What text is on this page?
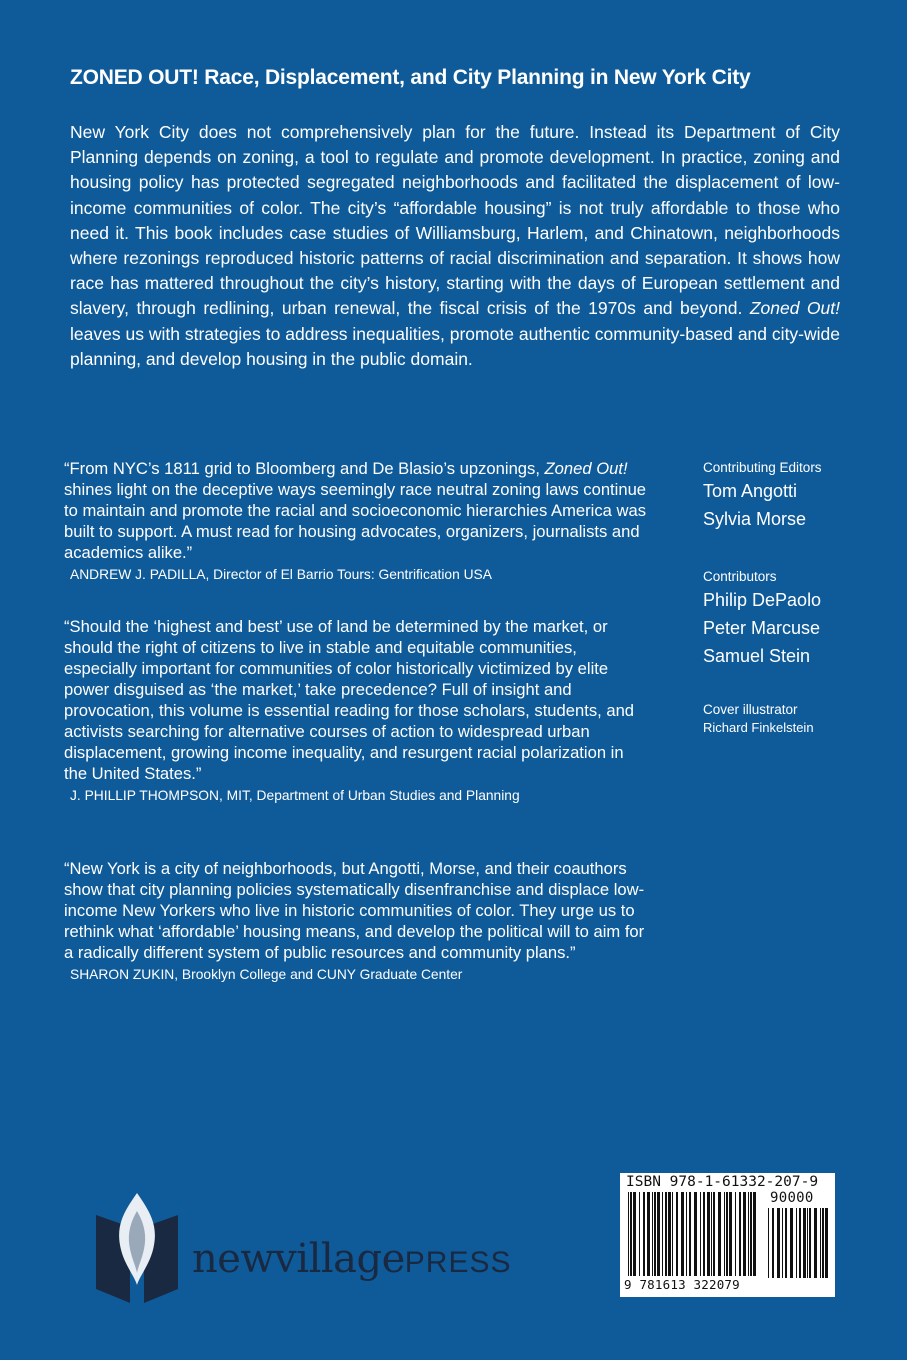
ZONED OUT! Race, Displacement, and City Planning in New York City
New York City does not comprehensively plan for the future. Instead its Department of City Planning depends on zoning, a tool to regulate and promote development. In practice, zoning and housing policy has protected segregated neighborhoods and facilitated the displacement of low-income communities of color. The city’s “affordable housing” is not truly affordable to those who need it. This book includes case studies of Williamsburg, Harlem, and Chinatown, neighborhoods where rezonings reproduced historic patterns of racial discrimination and separation. It shows how race has mattered throughout the city’s history, starting with the days of European settlement and slavery, through redlining, urban renewal, the fiscal crisis of the 1970s and beyond. Zoned Out! leaves us with strategies to address inequalities, promote authentic community-based and city-wide planning, and develop housing in the public domain.
“From NYC’s 1811 grid to Bloomberg and De Blasio’s upzonings, Zoned Out! shines light on the deceptive ways seemingly race neutral zoning laws continue to maintain and promote the racial and socioeconomic hierarchies America was built to support. A must read for housing advocates, organizers, journalists and academics alike.”
ANDREW J. PADILLA, Director of El Barrio Tours: Gentrification USA
“Should the ‘highest and best’ use of land be determined by the market, or should the right of citizens to live in stable and equitable communities, especially important for communities of color historically victimized by elite power disguised as ‘the market,’ take precedence? Full of insight and provocation, this volume is essential reading for those scholars, students, and activists searching for alternative courses of action to widespread urban displacement, growing income inequality, and resurgent racial polarization in the United States.”
J. PHILLIP THOMPSON, MIT, Department of Urban Studies and Planning
“New York is a city of neighborhoods, but Angotti, Morse, and their coauthors show that city planning policies systematically disenfranchise and displace low-income New Yorkers who live in historic communities of color. They urge us to rethink what ‘affordable’ housing means, and develop the political will to aim for a radically different system of public resources and community plans.”
SHARON ZUKIN, Brooklyn College and CUNY Graduate Center
Contributing Editors
Tom Angotti
Sylvia Morse
Contributors
Philip DePaolo
Peter Marcuse
Samuel Stein
Cover illustrator
Richard Finkelstein
newvillagePRESS
ISBN 978-1-61332-207-9
90000
9 781613 322079
